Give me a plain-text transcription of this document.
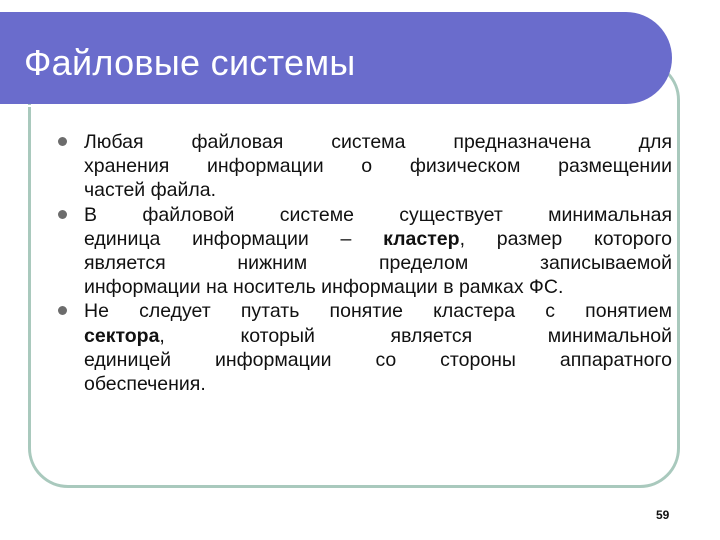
Файловые системы
Любая файловая система предназначена для
хранения информации о физическом размещении
частей файла.
В файловой системе существует минимальная
единица информации – кластер, размер которого
является нижним пределом записываемой
информации на носитель информации в рамках ФС.
Не следует путать понятие кластера с понятием
сектора, который является минимальной
единицей информации со стороны аппаратного
обеспечения.
59
